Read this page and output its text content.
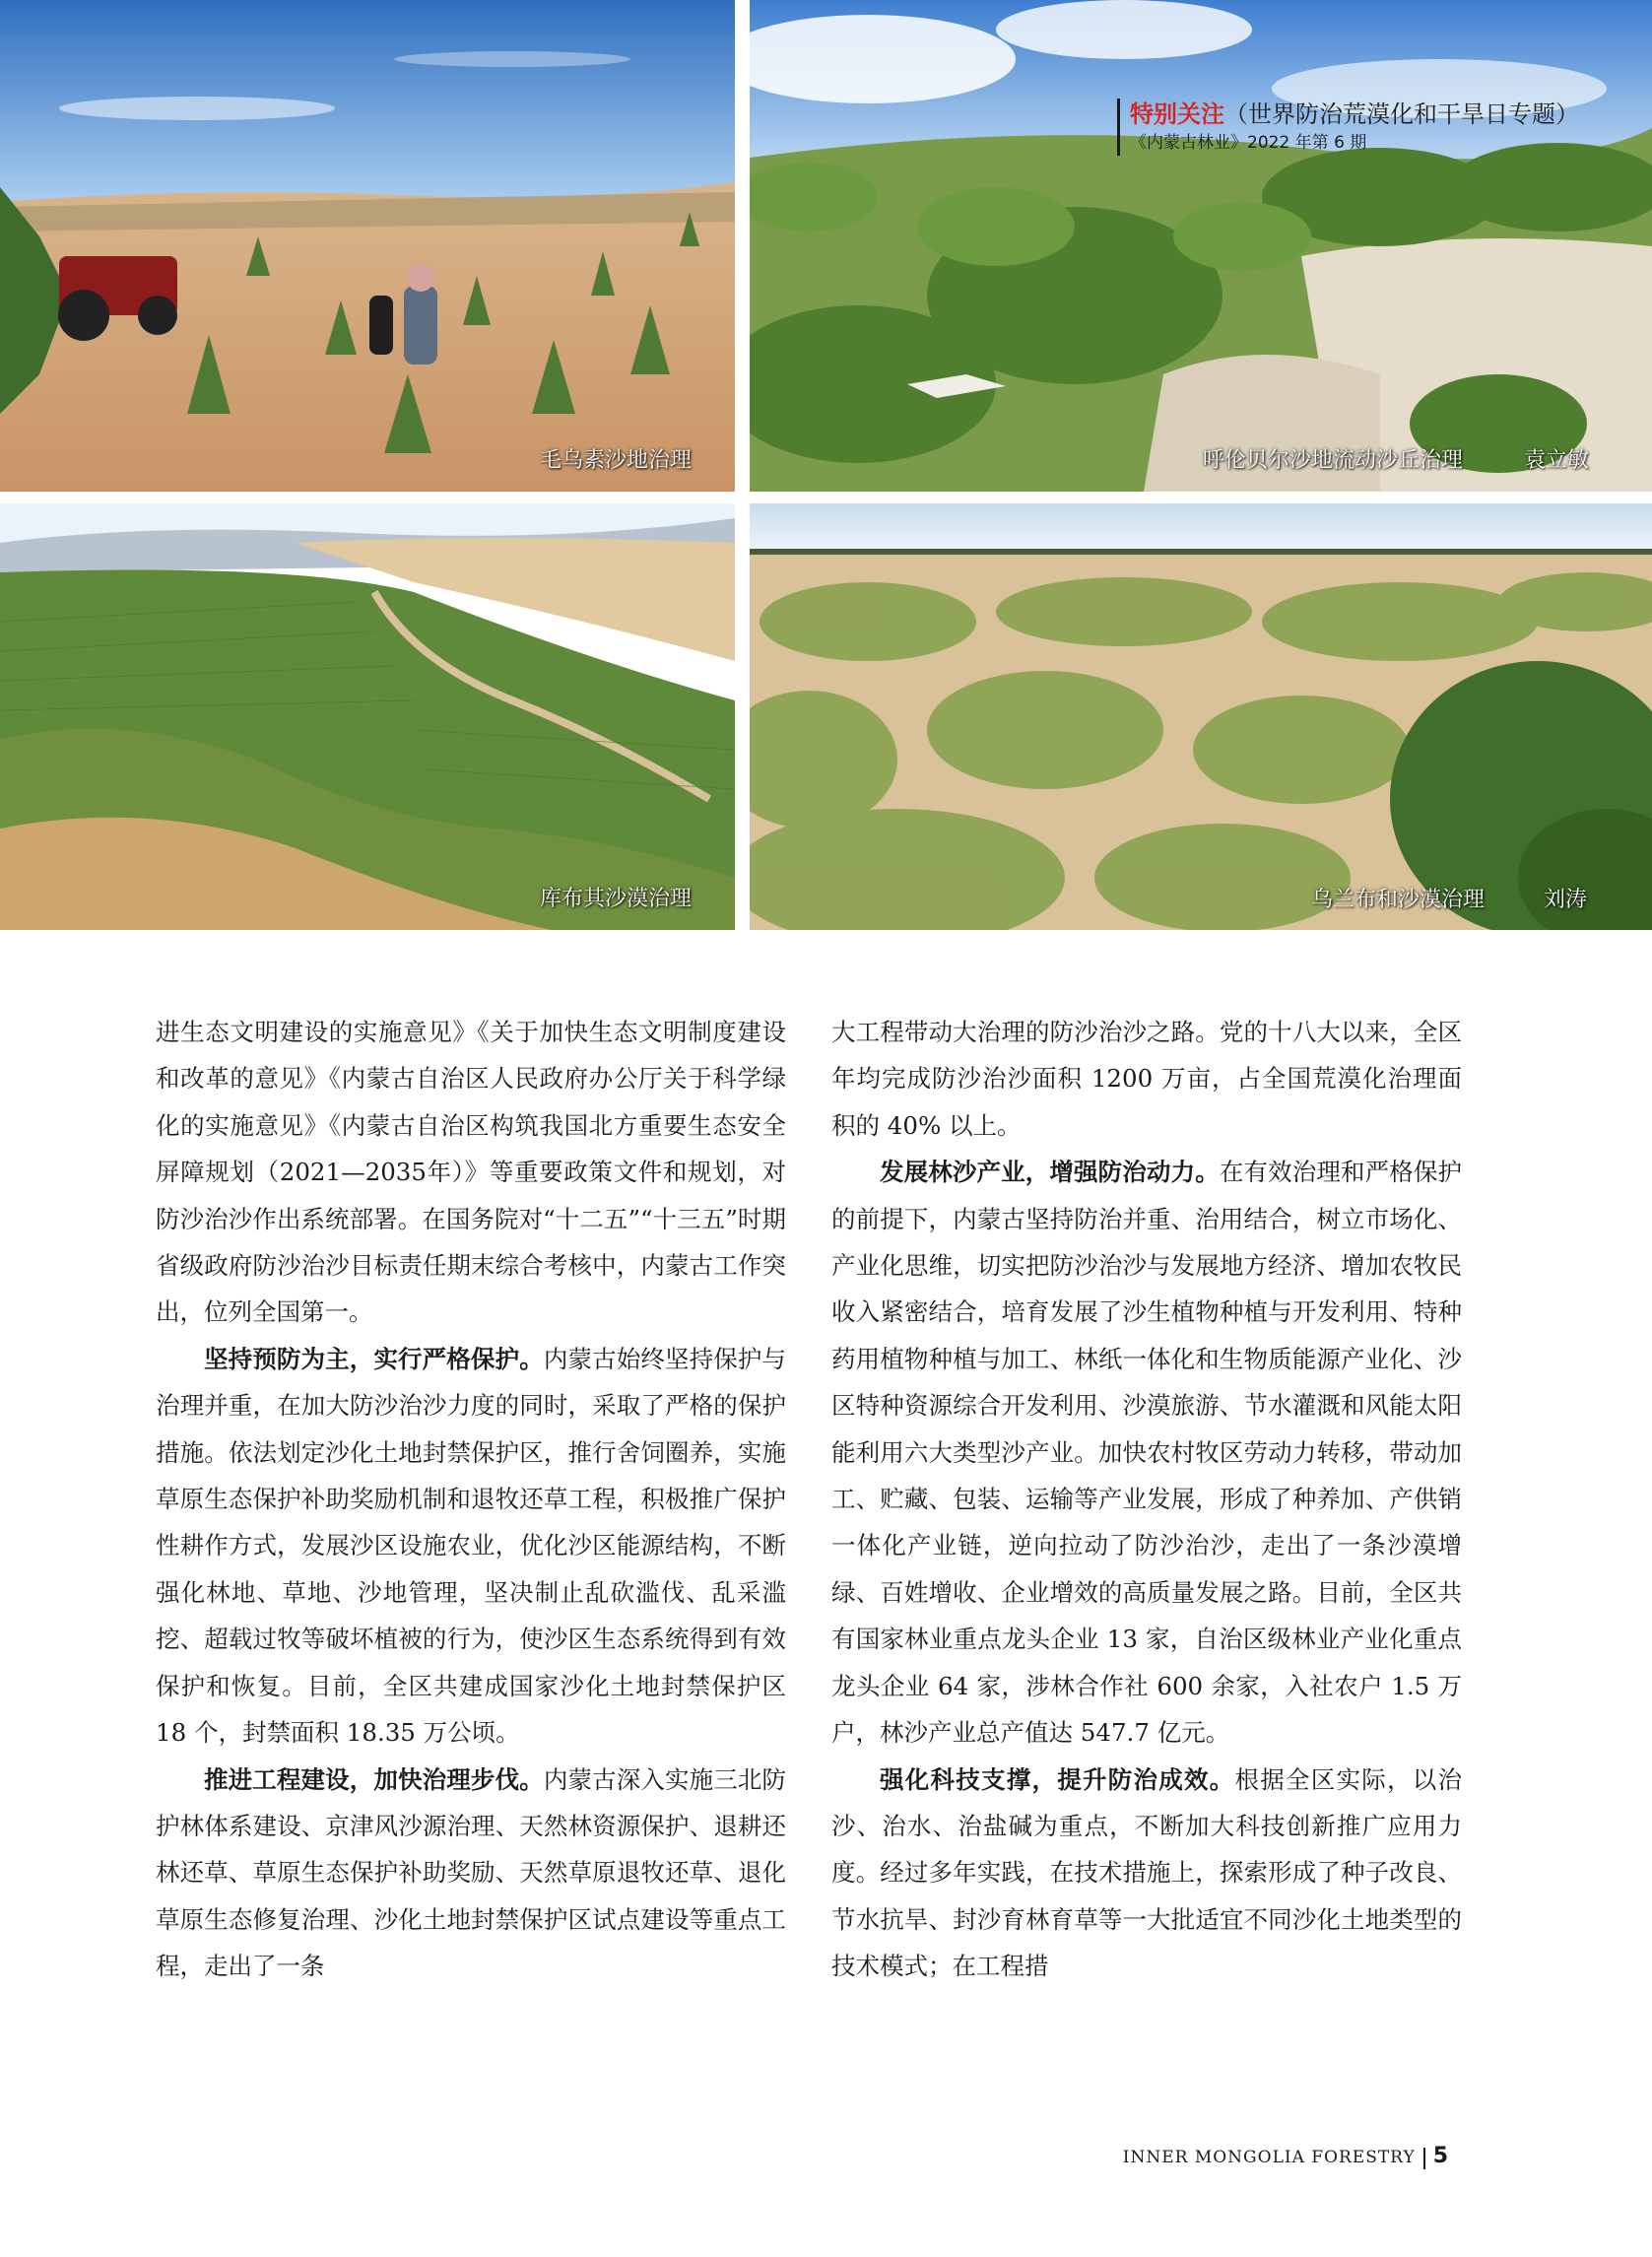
毛乌素沙地治理	呼伦贝尔沙地流动沙丘治理	袁立敏
库布其沙漠治理	乌兰布和沙漠治理	刘涛
特别关注（世界防治荒漠化和干旱日专题）
《内蒙古林业》2022 年第 6 期

进生态文明建设的实施意见》《关于加快生态文明制度建设和改革的意见》《内蒙古自治区人民政府办公厅关于科学绿化的实施意见》《内蒙古自治区构筑我国北方重要生态安全屏障规划（2021—2035年）》等重要政策文件和规划，对防沙治沙作出系统部署。在国务院对“十二五”“十三五”时期省级政府防沙治沙目标责任期末综合考核中，内蒙古工作突出，位列全国第一。

坚持预防为主，实行严格保护。内蒙古始终坚持保护与治理并重，在加大防沙治沙力度的同时，采取了严格的保护措施。依法划定沙化土地封禁保护区，推行舍饲圈养，实施草原生态保护补助奖励机制和退牧还草工程，积极推广保护性耕作方式，发展沙区设施农业，优化沙区能源结构，不断强化林地、草地、沙地管理，坚决制止乱砍滥伐、乱采滥挖、超载过牧等破坏植被的行为，使沙区生态系统得到有效保护和恢复。目前，全区共建成国家沙化土地封禁保护区 18 个，封禁面积 18.35 万公顷。

推进工程建设，加快治理步伐。内蒙古深入实施三北防护林体系建设、京津风沙源治理、天然林资源保护、退耕还林还草、草原生态保护补助奖励、天然草原退牧还草、退化草原生态修复治理、沙化土地封禁保护区试点建设等重点工程，走出了一条

大工程带动大治理的防沙治沙之路。党的十八大以来，全区年均完成防沙治沙面积 1200 万亩，占全国荒漠化治理面积的 40% 以上。

发展林沙产业，增强防治动力。在有效治理和严格保护的前提下，内蒙古坚持防治并重、治用结合，树立市场化、产业化思维，切实把防沙治沙与发展地方经济、增加农牧民收入紧密结合，培育发展了沙生植物种植与开发利用、特种药用植物种植与加工、林纸一体化和生物质能源产业化、沙区特种资源综合开发利用、沙漠旅游、节水灌溉和风能太阳能利用六大类型沙产业。加快农村牧区劳动力转移，带动加工、贮藏、包装、运输等产业发展，形成了种养加、产供销一体化产业链，逆向拉动了防沙治沙，走出了一条沙漠增绿、百姓增收、企业增效的高质量发展之路。目前，全区共有国家林业重点龙头企业 13 家，自治区级林业产业化重点龙头企业 64 家，涉林合作社 600 余家，入社农户 1.5 万户，林沙产业总产值达 547.7 亿元。

强化科技支撑，提升防治成效。根据全区实际，以治沙、治水、治盐碱为重点，不断加大科技创新推广应用力度。经过多年实践，在技术措施上，探索形成了种子改良、节水抗旱、封沙育林育草等一大批适宜不同沙化土地类型的技术模式；在工程措

INNER MONGOLIA FORESTRY 5
